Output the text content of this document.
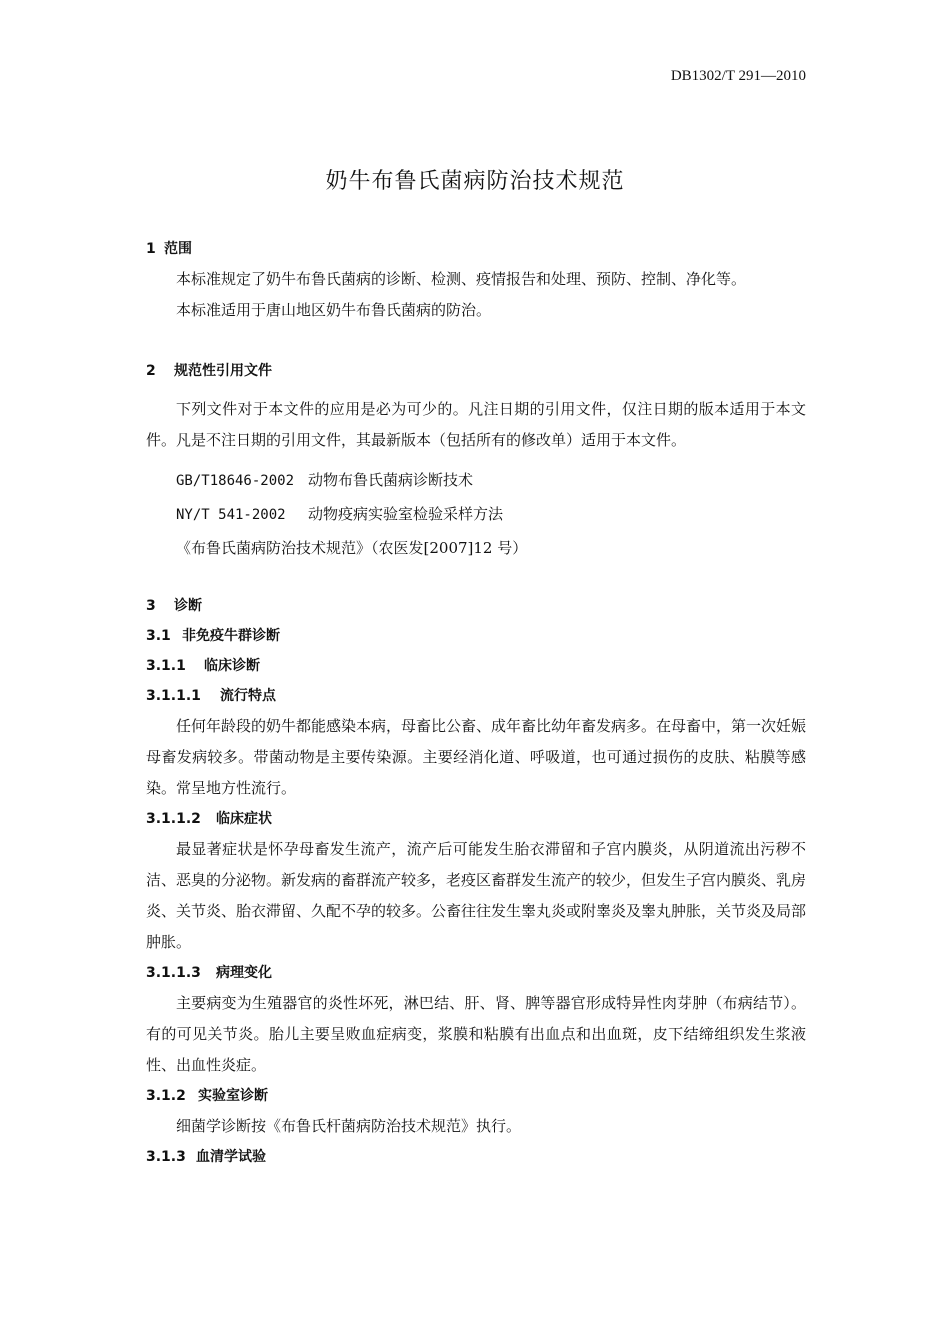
DB1302/T 291—2010
奶牛布鲁氏菌病防治技术规范
1 范围
本标准规定了奶牛布鲁氏菌病的诊断、检测、疫情报告和处理、预防、控制、净化等。
本标准适用于唐山地区奶牛布鲁氏菌病的防治。
2 规范性引用文件
下列文件对于本文件的应用是必为可少的。凡注日期的引用文件，仅注日期的版本适用于本文件。凡是不注日期的引用文件，其最新版本（包括所有的修改单）适用于本文件。
GB/T18646-2002 动物布鲁氏菌病诊断技术
NY/T 541-2002 动物疫病实验室检验采样方法
《布鲁氏菌病防治技术规范》（农医发[2007]12 号）
3 诊断
3.1 非免疫牛群诊断
3.1.1 临床诊断
3.1.1.1 流行特点
任何年龄段的奶牛都能感染本病，母畜比公畜、成年畜比幼年畜发病多。在母畜中，第一次妊娠母畜发病较多。带菌动物是主要传染源。主要经消化道、呼吸道，也可通过损伤的皮肤、粘膜等感染。常呈地方性流行。
3.1.1.2 临床症状
最显著症状是怀孕母畜发生流产，流产后可能发生胎衣滞留和子宫内膜炎，从阴道流出污秽不洁、恶臭的分泌物。新发病的畜群流产较多，老疫区畜群发生流产的较少，但发生子宫内膜炎、乳房炎、关节炎、胎衣滞留、久配不孕的较多。公畜往往发生睾丸炎或附睾炎及睾丸肿胀，关节炎及局部肿胀。
3.1.1.3 病理变化
主要病变为生殖器官的炎性坏死，淋巴结、肝、肾、脾等器官形成特异性肉芽肿（布病结节）。有的可见关节炎。胎儿主要呈败血症病变，浆膜和粘膜有出血点和出血斑，皮下结缔组织发生浆液性、出血性炎症。
3.1.2 实验室诊断
细菌学诊断按《布鲁氏杆菌病防治技术规范》执行。
3.1.3 血清学试验
